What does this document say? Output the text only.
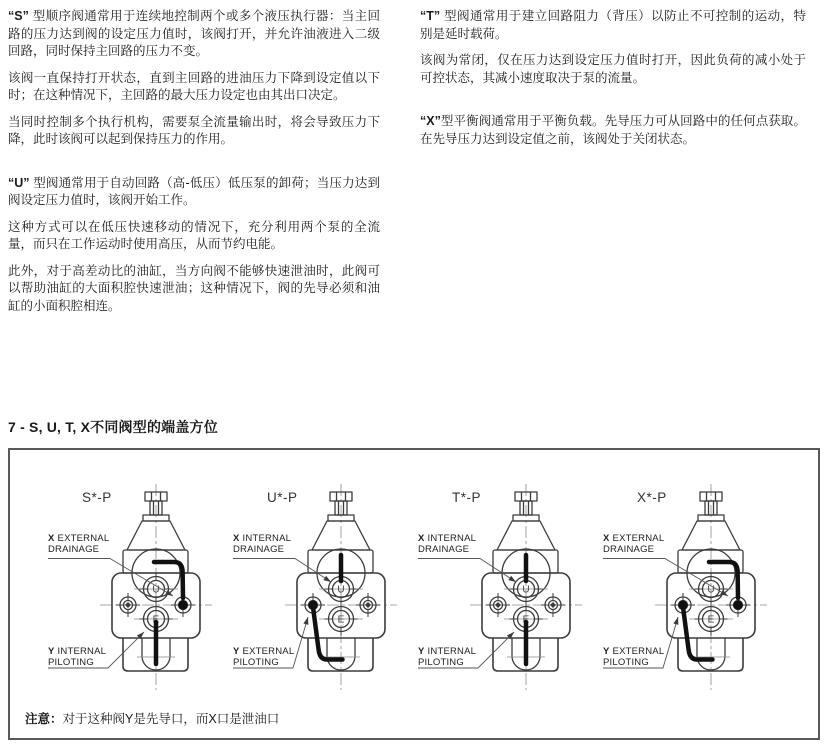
“S” 型顺序阀通常用于连续地控制两个或多个液压执行器：当主回路的压力达到阀的设定压力值时，该阀打开，并允许油液进入二级回路，同时保持主回路的压力不变。

该阀一直保持打开状态，直到主回路的进油压力下降到设定值以下时；在这种情况下，主回路的最大压力设定也由其出口决定。

当同时控制多个执行机构，需要泵全流量输出时，将会导致压力下降，此时该阀可以起到保持压力的作用。

“U” 型阀通常用于自动回路（高-低压）低压泵的卸荷；当压力达到阀设定压力值时，该阀开始工作。

这种方式可以在低压快速移动的情况下，充分利用两个泵的全流量，而只在工作运动时使用高压，从而节约电能。

此外，对于高差动比的油缸，当方向阀不能够快速泄油时，此阀可以帮助油缸的大面积腔快速泄油；这种情况下，阀的先导必须和油缸的小面积腔相连。

“T” 型阀通常用于建立回路阻力（背压）以防止不可控制的运动，特别是延时载荷。

该阀为常闭，仅在压力达到设定压力值时打开，因此负荷的减小处于可控状态，其减小速度取决于泵的流量。

“X”型平衡阀通常用于平衡负载。先导压力可从回路中的任何点获取。在先导压力达到设定值之前，该阀处于关闭状态。

7 - S, U, T, X不同阀型的端盖方位
U
E
S*-P
X EXTERNAL
DRAINAGE
Y INTERNAL
PILOTING
U
E
U*-P
X INTERNAL
DRAINAGE
Y EXTERNAL
PILOTING
U
E
T*-P
X INTERNAL
DRAINAGE
Y INTERNAL
PILOTING
U
E
X*-P
X EXTERNAL
DRAINAGE
Y EXTERNAL
PILOTING
注意：对于这种阀Y是先导口，而X口是泄油口
